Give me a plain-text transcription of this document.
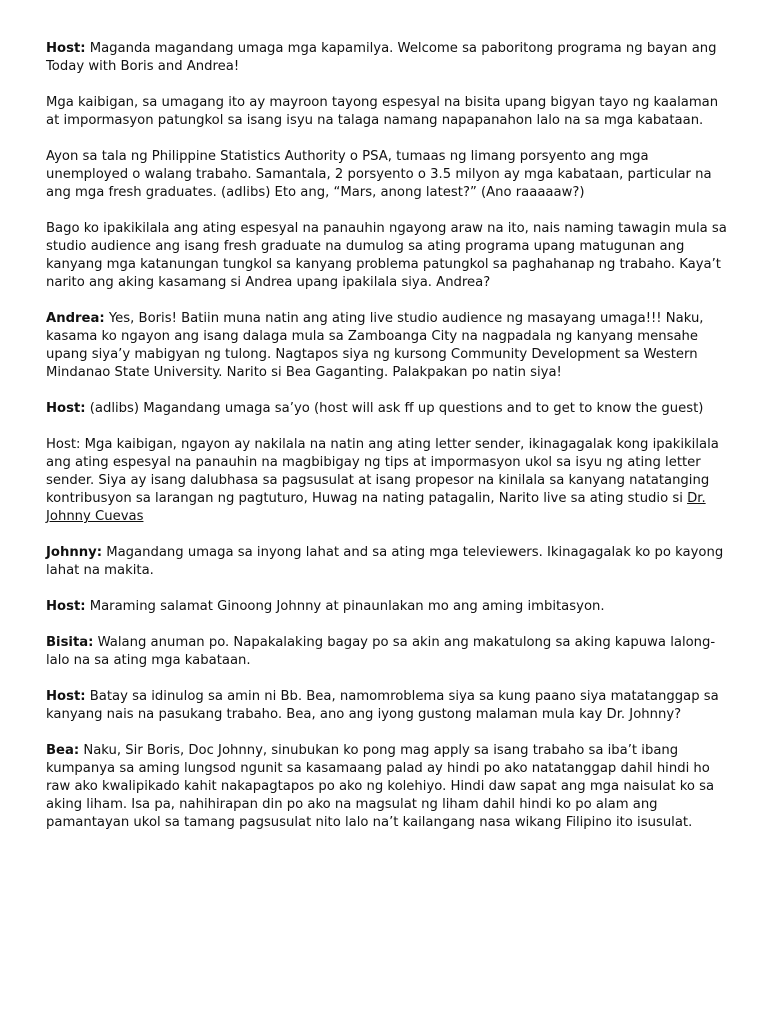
Host: Maganda magandang umaga mga kapamilya. Welcome sa paboritong programa ng bayan ang Today with Boris and Andrea!

Mga kaibigan, sa umagang ito ay mayroon tayong espesyal na bisita upang bigyan tayo ng kaalaman at impormasyon patungkol sa isang isyu na talaga namang napapanahon lalo na sa mga kabataan.

Ayon sa tala ng Philippine Statistics Authority o PSA, tumaas ng limang porsyento ang mga unemployed o walang trabaho. Samantala, 2 porsyento o 3.5 milyon ay mga kabataan, particular na ang mga fresh graduates. (adlibs) Eto ang, “Mars, anong latest?” (Ano raaaaaw?)

Bago ko ipakikilala ang ating espesyal na panauhin ngayong araw na ito, nais naming tawagin mula sa studio audience ang isang fresh graduate na dumulog sa ating programa upang matugunan ang kanyang mga katanungan tungkol sa kanyang problema patungkol sa paghahanap ng trabaho. Kaya’t narito ang aking kasamang si Andrea upang ipakilala siya. Andrea?

Andrea: Yes, Boris! Batiin muna natin ang ating live studio audience ng masayang umaga!!! Naku, kasama ko ngayon ang isang dalaga mula sa Zamboanga City na nagpadala ng kanyang mensahe upang siya’y mabigyan ng tulong. Nagtapos siya ng kursong Community Development sa Western Mindanao State University. Narito si Bea Gaganting. Palakpakan po natin siya!

Host: (adlibs) Magandang umaga sa’yo (host will ask ff up questions and to get to know the guest)

Host: Mga kaibigan, ngayon ay nakilala na natin ang ating letter sender, ikinagagalak kong ipakikilala ang ating espesyal na panauhin na magbibigay ng tips at impormasyon ukol sa isyu ng ating letter sender. Siya ay isang dalubhasa sa pagsusulat at isang propesor na kinilala sa kanyang natatanging kontribusyon sa larangan ng pagtuturo, Huwag na nating patagalin, Narito live sa ating studio si Dr. Johnny Cuevas

Johnny: Magandang umaga sa inyong lahat and sa ating mga televiewers. Ikinagagalak ko po kayong lahat na makita.

Host: Maraming salamat Ginoong Johnny at pinaunlakan mo ang aming imbitasyon.

Bisita: Walang anuman po. Napakalaking bagay po sa akin ang makatulong sa aking kapuwa lalong- lalo na sa ating mga kabataan.

Host: Batay sa idinulog sa amin ni Bb. Bea, namomroblema siya sa kung paano siya matatanggap sa kanyang nais na pasukang trabaho. Bea, ano ang iyong gustong malaman mula kay Dr. Johnny?

Bea: Naku, Sir Boris, Doc Johnny, sinubukan ko pong mag apply sa isang trabaho sa iba’t ibang kumpanya sa aming lungsod ngunit sa kasamaang palad ay hindi po ako natatanggap dahil hindi ho raw ako kwalipikado kahit nakapagtapos po ako ng kolehiyo. Hindi daw sapat ang mga naisulat ko sa aking liham. Isa pa, nahihirapan din po ako na magsulat ng liham dahil hindi ko po alam ang pamantayan ukol sa tamang pagsusulat nito lalo na’t kailangang nasa wikang Filipino ito isusulat.
